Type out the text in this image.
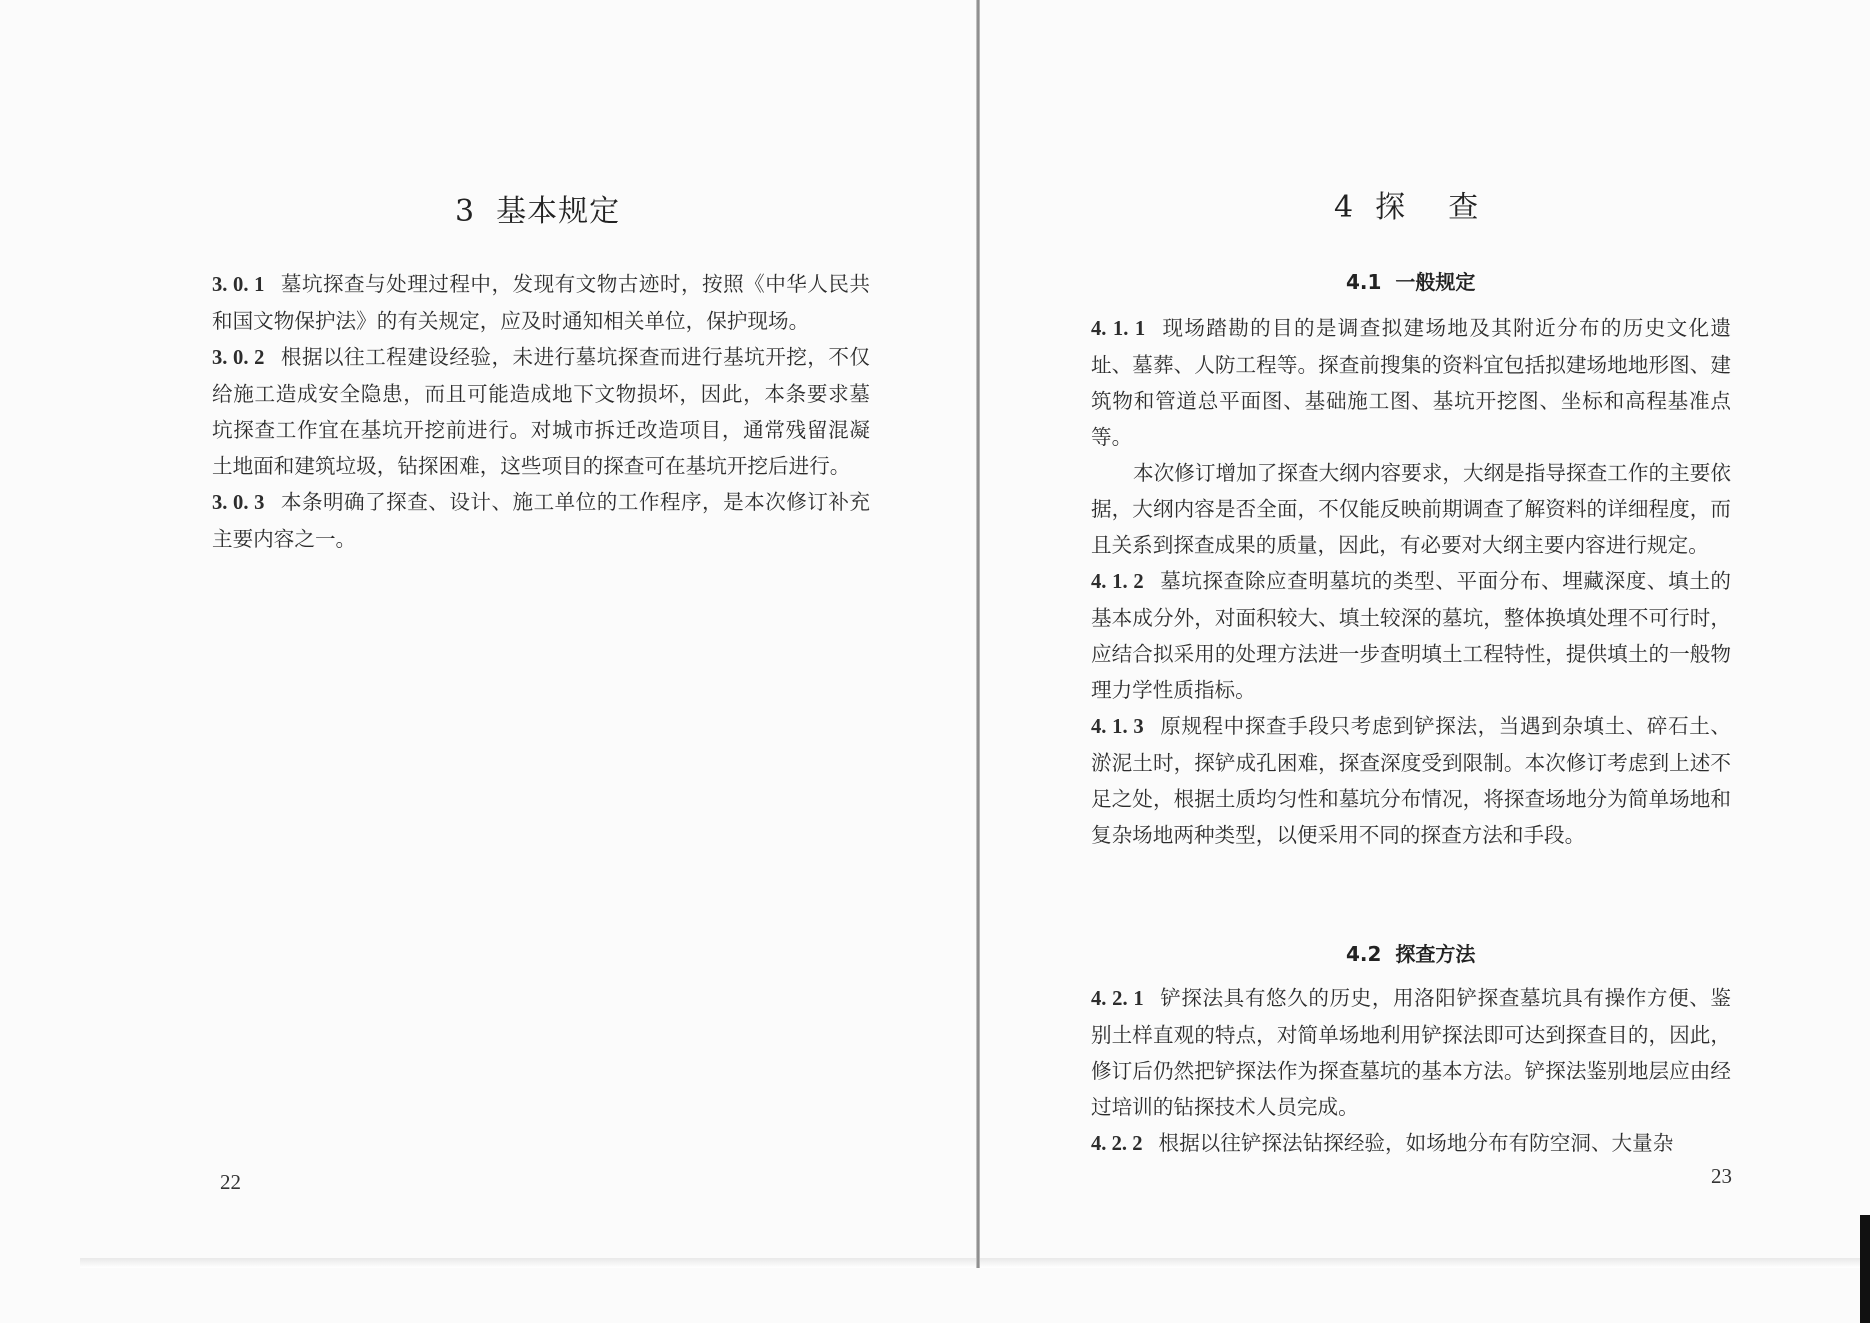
3  基本规定

3. 0. 1 墓坑探查与处理过程中，发现有文物古迹时，按照《中华人民共和国文物保护法》的有关规定，应及时通知相关单位，保护现场。

3. 0. 2 根据以往工程建设经验，未进行墓坑探查而进行基坑开挖，不仅给施工造成安全隐患，而且可能造成地下文物损坏，因此，本条要求墓坑探查工作宜在基坑开挖前进行。对城市拆迁改造项目，通常残留混凝土地面和建筑垃圾，钻探困难，这些项目的探查可在基坑开挖后进行。

3. 0. 3 本条明确了探查、设计、施工单位的工作程序，是本次修订补充主要内容之一。

22
4  探    查
4.1  一般规定

4. 1. 1 现场踏勘的目的是调查拟建场地及其附近分布的历史文化遗址、墓葬、人防工程等。探查前搜集的资料宜包括拟建场地地形图、建筑物和管道总平面图、基础施工图、基坑开挖图、坐标和高程基准点等。

本次修订增加了探查大纲内容要求，大纲是指导探查工作的主要依据，大纲内容是否全面，不仅能反映前期调查了解资料的详细程度，而且关系到探查成果的质量，因此，有必要对大纲主要内容进行规定。

4. 1. 2 墓坑探查除应查明墓坑的类型、平面分布、埋藏深度、填土的基本成分外，对面积较大、填土较深的墓坑，整体换填处理不可行时，应结合拟采用的处理方法进一步查明填土工程特性，提供填土的一般物理力学性质指标。

4. 1. 3 原规程中探查手段只考虑到铲探法，当遇到杂填土、碎石土、淤泥土时，探铲成孔困难，探查深度受到限制。本次修订考虑到上述不足之处，根据土质均匀性和墓坑分布情况，将探查场地分为简单场地和复杂场地两种类型，以便采用不同的探查方法和手段。

4.2  探查方法

4. 2. 1 铲探法具有悠久的历史，用洛阳铲探查墓坑具有操作方便、鉴别土样直观的特点，对简单场地利用铲探法即可达到探查目的，因此，修订后仍然把铲探法作为探查墓坑的基本方法。铲探法鉴别地层应由经过培训的钻探技术人员完成。

4. 2. 2 根据以往铲探法钻探经验，如场地分布有防空洞、大量杂

23
